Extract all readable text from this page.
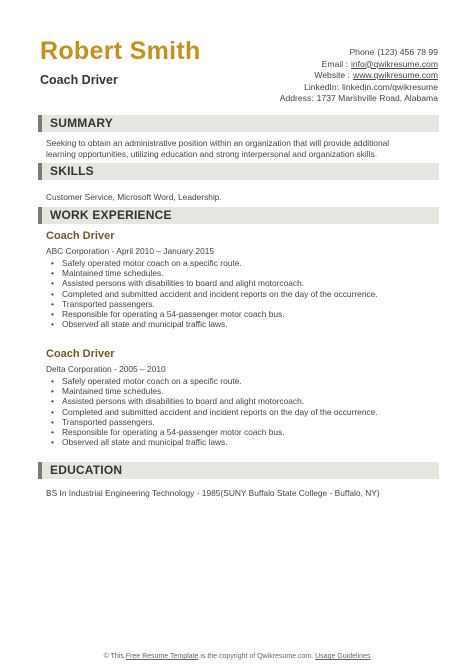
Robert Smith
Coach Driver
Phone (123) 456 78 99
Email : info@qwikresume.com
Website : www.qwikresume.com
LinkedIn: linkedin.com/qwikresume
Address: 1737 Marshville Road, Alabama
SUMMARY
Seeking to obtain an administrative position within an organization that will provide additional
learning opportunities, utilizing education and strong interpersonal and organization skills.
SKILLS
Customer Service, Microsoft Word, Leadership.
WORK EXPERIENCE
Coach Driver
ABC Corporation - April 2010 – January 2015
• Safely operated motor coach on a specific route.
• Maintained time schedules.
• Assisted persons with disabilities to board and alight motorcoach.
• Completed and submitted accident and incident reports on the day of the occurrence.
• Transported passengers.
• Responsible for operating a 54-passenger motor coach bus.
• Observed all state and municipal traffic laws.
Coach Driver
Delta Corporation - 2005 – 2010
• Safely operated motor coach on a specific route.
• Maintained time schedules.
• Assisted persons with disabilities to board and alight motorcoach.
• Completed and submitted accident and incident reports on the day of the occurrence.
• Transported passengers.
• Responsible for operating a 54-passenger motor coach bus.
• Observed all state and municipal traffic laws.
EDUCATION
BS In Industrial Engineering Technology - 1985(SUNY Buffalo State College - Buffalo, NY)
© This Free Resume Template is the copyright of Qwikresume.com. Usage Guidelines
